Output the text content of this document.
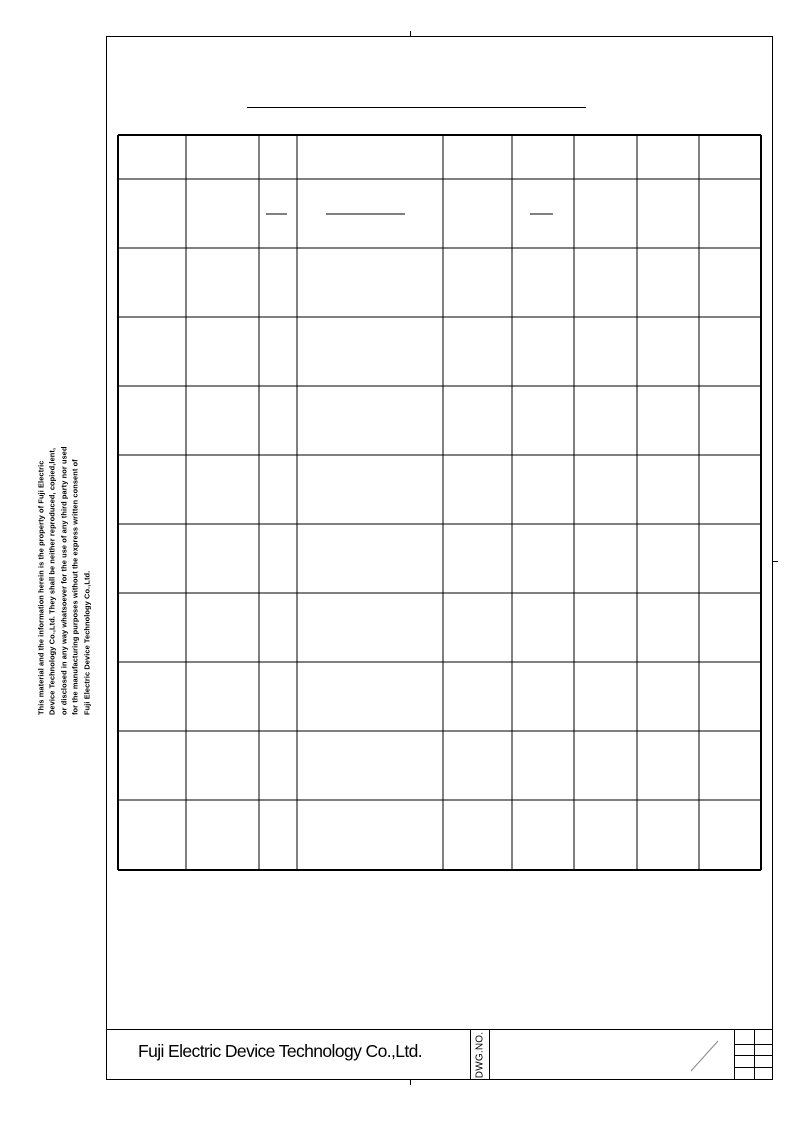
This material and the information herein is the property of Fuji Electric Device Technology Co.,Ltd. They shall be neither reproduced, copied,lent, or disclosed in any way whatsoever for the use of any third party nor used for the manufacturing purposes without the express written consent of Fuji Electric Device Technology Co.,Ltd.
Fuji Electric Device Technology Co.,Ltd.	DWG.NO.
